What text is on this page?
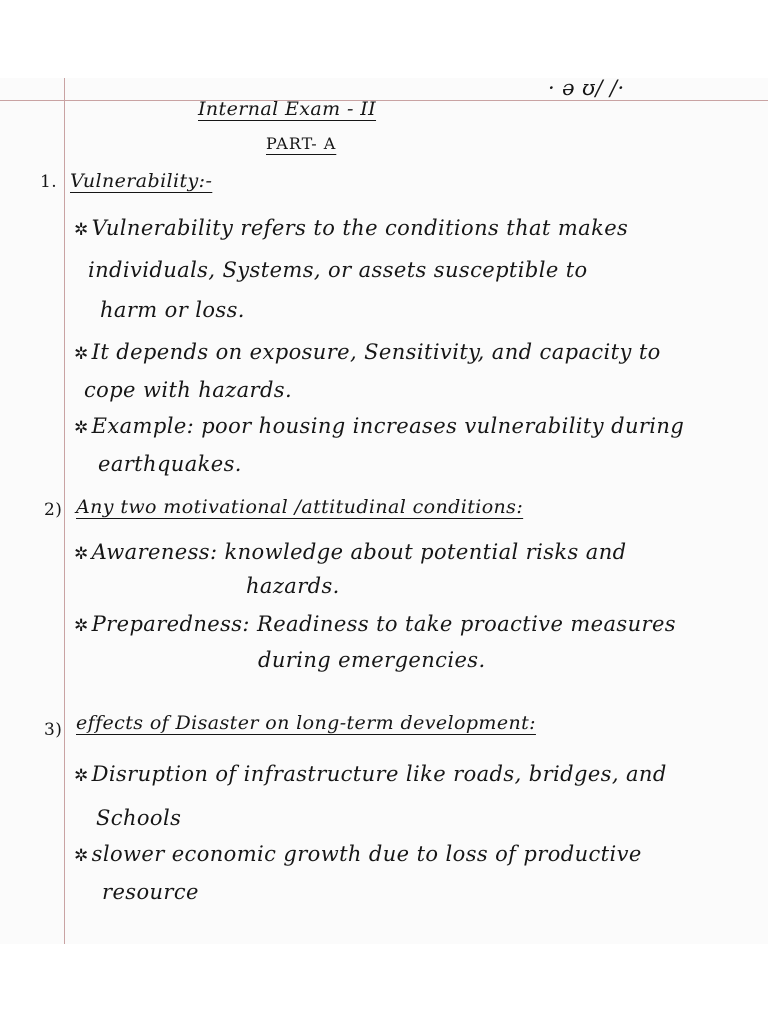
· ə ʊ/ /·
Internal Exam - II
PART- A
1. Vulnerability:-
✲ Vulnerability refers to the conditions that makes
individuals, Systems, or assets susceptible to
harm or loss.
✲ It depends on exposure, Sensitivity, and capacity to
cope with hazards.
✲ Example: poor housing increases vulnerability during
earthquakes.
2) Any two motivational /attitudinal conditions:
✲ Awareness: knowledge about potential risks and
hazards.
✲ Preparedness: Readiness to take proactive measures
during emergencies.
3) effects of Disaster on long-term development:
✲ Disruption of infrastructure like roads, bridges, and
Schools
✲ slower economic growth due to loss of productive
resource
